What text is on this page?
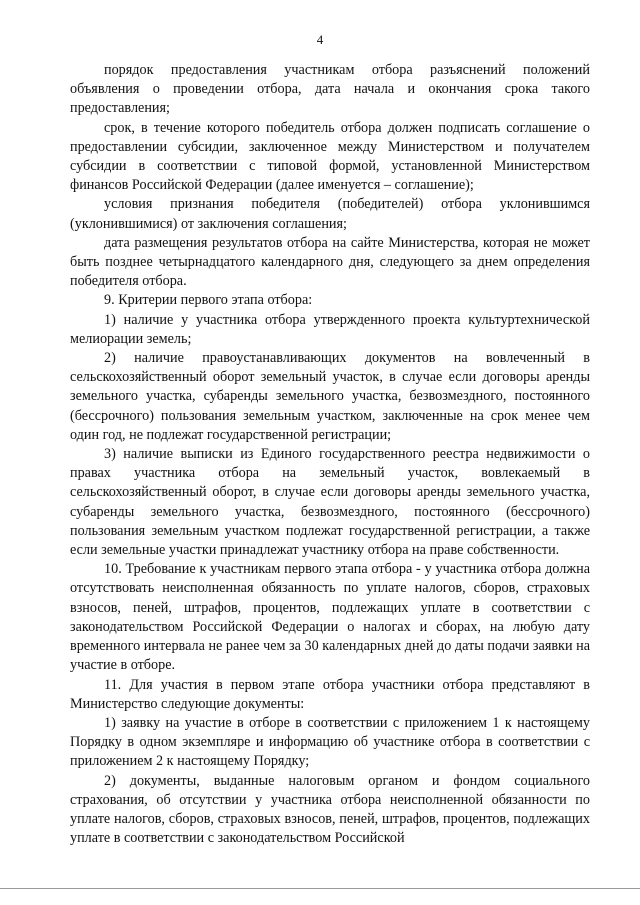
4

порядок предоставления участникам отбора разъяснений положений объявления о проведении отбора, дата начала и окончания срока такого предоставления;

срок, в течение которого победитель отбора должен подписать соглашение о предоставлении субсидии, заключенное между Министерством и получателем субсидии в соответствии с типовой формой, установленной Министерством финансов Российской Федерации (далее именуется – соглашение);

условия признания победителя (победителей) отбора уклонившимся (уклонившимися) от заключения соглашения;

дата размещения результатов отбора на сайте Министерства, которая не может быть позднее четырнадцатого календарного дня, следующего за днем определения победителя отбора.

9. Критерии первого этапа отбора:

1) наличие у участника отбора утвержденного проекта культуртехнической мелиорации земель;

2) наличие правоустанавливающих документов на вовлеченный в сельскохозяйственный оборот земельный участок, в случае если договоры аренды земельного участка, субаренды земельного участка, безвозмездного, постоянного (бессрочного) пользования земельным участком, заключенные на срок менее чем один год, не подлежат государственной регистрации;

3) наличие выписки из Единого государственного реестра недвижимости о правах участника отбора на земельный участок, вовлекаемый в сельскохозяйственный оборот, в случае если договоры аренды земельного участка, субаренды земельного участка, безвозмездного, постоянного (бессрочного) пользования земельным участком подлежат государственной регистрации, а также если земельные участки принадлежат участнику отбора на праве собственности.

10. Требование к участникам первого этапа отбора - у участника отбора должна отсутствовать неисполненная обязанность по уплате налогов, сборов, страховых взносов, пеней, штрафов, процентов, подлежащих уплате в соответствии с законодательством Российской Федерации о налогах и сборах, на любую дату временного интервала не ранее чем за 30 календарных дней до даты подачи заявки на участие в отборе.

11. Для участия в первом этапе отбора участники отбора представляют в Министерство следующие документы:

1) заявку на участие в отборе в соответствии с приложением 1 к настоящему Порядку в одном экземпляре и информацию об участнике отбора в соответствии с приложением 2 к настоящему Порядку;

2) документы, выданные налоговым органом и фондом социального страхования, об отсутствии у участника отбора неисполненной обязанности по уплате налогов, сборов, страховых взносов, пеней, штрафов, процентов, подлежащих уплате в соответствии с законодательством Российской
